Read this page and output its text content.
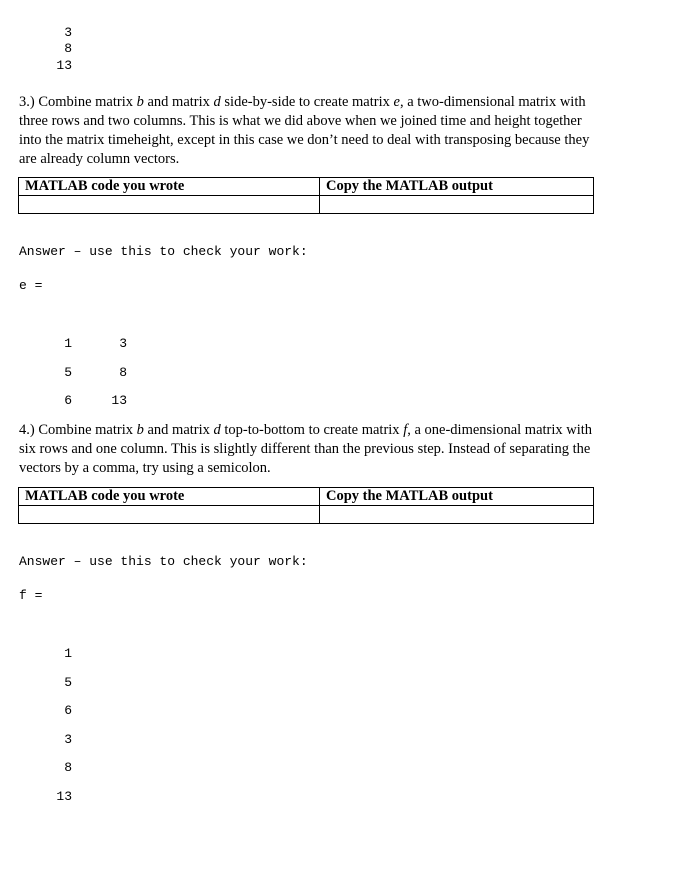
3
8
13
3.) Combine matrix b and matrix d side-by-side to create matrix e, a two-dimensional matrix with three rows and two columns. This is what we did above when we joined time and height together into the matrix timeheight, except in this case we don’t need to deal with transposing because they are already column vectors.
MATLAB code you wrote	Copy the MATLAB output

Answer – use this to check your work:
e =
1	3
5	8
6	13
4.) Combine matrix b and matrix d top-to-bottom to create matrix f, a one-dimensional matrix with six rows and one column. This is slightly different than the previous step. Instead of separating the vectors by a comma, try using a semicolon.
MATLAB code you wrote	Copy the MATLAB output

Answer – use this to check your work:
f =
1
5
6
3
8
13
